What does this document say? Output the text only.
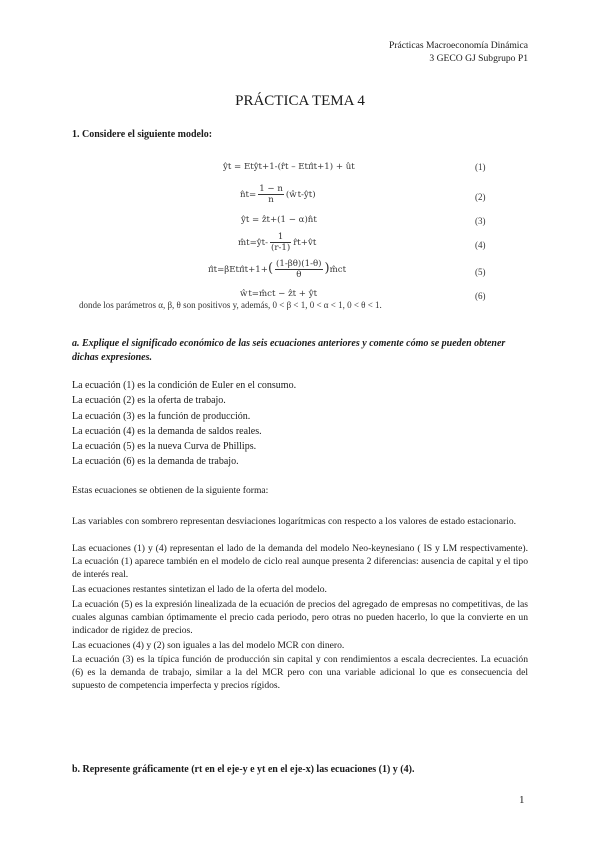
Prácticas Macroeconomía Dinámica
3 GECO GJ Subgrupo P1
PRÁCTICA TEMA 4
1. Considere el siguiente modelo:
ŷt = Etŷt+1-(r̂t – Etπ̂t+1) + ût	(1)
n̂t= $\frac{1 - n}{n}$ (ŵt-ŷt)	(2)
ŷt = ẑt+(1 − α)n̂t	(3)
m̂t=ŷt- $\frac{1}{(r-1)}$ r̂t+v̂t	(4)
π̂t=βEtπ̂t+1+( $\frac{(1-\beta\theta)(1-\theta)}{\theta}$ )m̂ct	(5)
ŵt=m̂ct − ẑt + ŷt	(6)
donde los parámetros α, β, θ son positivos y, además, 0 < β < 1, 0 < α < 1, 0 < θ < 1.
a. Explique el significado económico de las seis ecuaciones anteriores y comente cómo se pueden obtener dichas expresiones.
La ecuación (1) es la condición de Euler en el consumo.
La ecuación (2) es la oferta de trabajo.
La ecuación (3) es la función de producción.
La ecuación (4) es la demanda de saldos reales.
La ecuación (5) es la nueva Curva de Phillips.
La ecuación (6) es la demanda de trabajo.
Estas ecuaciones se obtienen de la siguiente forma:
Las variables con sombrero representan desviaciones logarítmicas con respecto a los valores de estado estacionario.
Las ecuaciones (1) y (4) representan el lado de la demanda del modelo Neo-keynesiano ( IS y LM respectivamente). La ecuación (1) aparece también en el modelo de ciclo real aunque presenta 2 diferencias: ausencia de capital y el tipo de interés real.
Las ecuaciones restantes sintetizan el lado de la oferta del modelo.
La ecuación (5) es la expresión linealizada de la ecuación de precios del agregado de empresas no competitivas, de las cuales algunas cambian óptimamente el precio cada periodo, pero otras no pueden hacerlo, lo que la convierte en un indicador de rigidez de precios.
Las ecuaciones (4) y (2) son iguales a las del modelo MCR con dinero.
La ecuación (3) es la típica función de producción sin capital y con rendimientos a escala decrecientes. La ecuación (6) es la demanda de trabajo, similar a la del MCR pero con una variable adicional lo que es consecuencia del supuesto de competencia imperfecta y precios rígidos.
b. Represente gráficamente (rt en el eje-y e yt en el eje-x) las ecuaciones (1) y (4).
1
